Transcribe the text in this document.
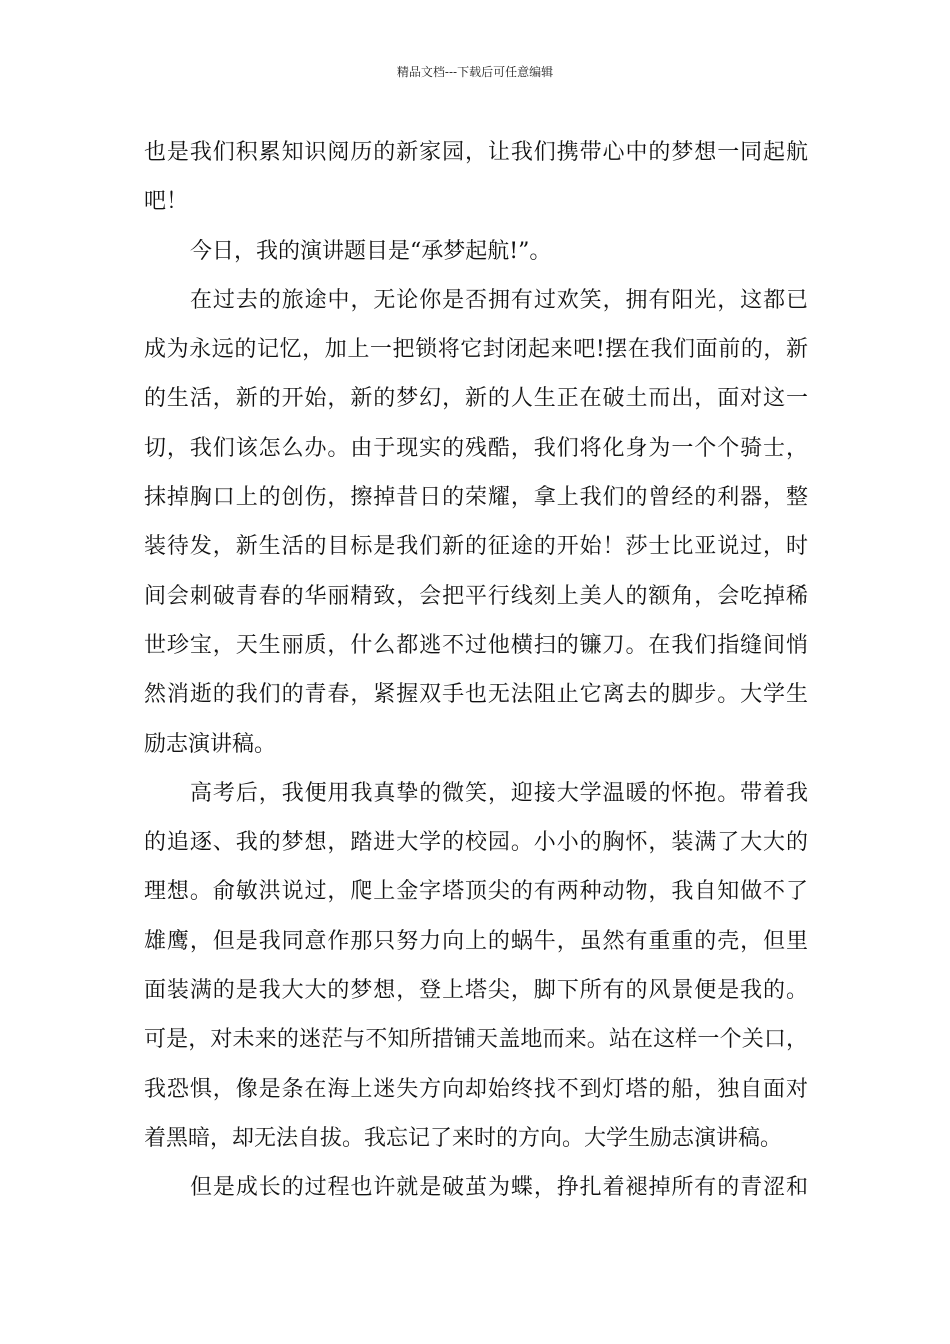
精品文档---下载后可任意编辑
也是我们积累知识阅历的新家园，让我们携带心中的梦想一同起航
吧！
今日，我的演讲题目是“承梦起航!”。
在过去的旅途中，无论你是否拥有过欢笑，拥有阳光，这都已
成为永远的记忆，加上一把锁将它封闭起来吧!摆在我们面前的，新
的生活，新的开始，新的梦幻，新的人生正在破土而出，面对这一
切，我们该怎么办。由于现实的残酷，我们将化身为一个个骑士，
抹掉胸口上的创伤，擦掉昔日的荣耀，拿上我们的曾经的利器，整
装待发，新生活的目标是我们新的征途的开始！莎士比亚说过，时
间会刺破青春的华丽精致，会把平行线刻上美人的额角，会吃掉稀
世珍宝，天生丽质，什么都逃不过他横扫的镰刀。在我们指缝间悄
然消逝的我们的青春，紧握双手也无法阻止它离去的脚步。大学生
励志演讲稿。
高考后，我便用我真挚的微笑，迎接大学温暖的怀抱。带着我
的追逐、我的梦想，踏进大学的校园。小小的胸怀，装满了大大的
理想。俞敏洪说过，爬上金字塔顶尖的有两种动物，我自知做不了
雄鹰，但是我同意作那只努力向上的蜗牛，虽然有重重的壳，但里
面装满的是我大大的梦想，登上塔尖，脚下所有的风景便是我的。
可是，对未来的迷茫与不知所措铺天盖地而来。站在这样一个关口，
我恐惧，像是条在海上迷失方向却始终找不到灯塔的船，独自面对
着黑暗，却无法自拔。我忘记了来时的方向。大学生励志演讲稿。
但是成长的过程也许就是破茧为蝶，挣扎着褪掉所有的青涩和
